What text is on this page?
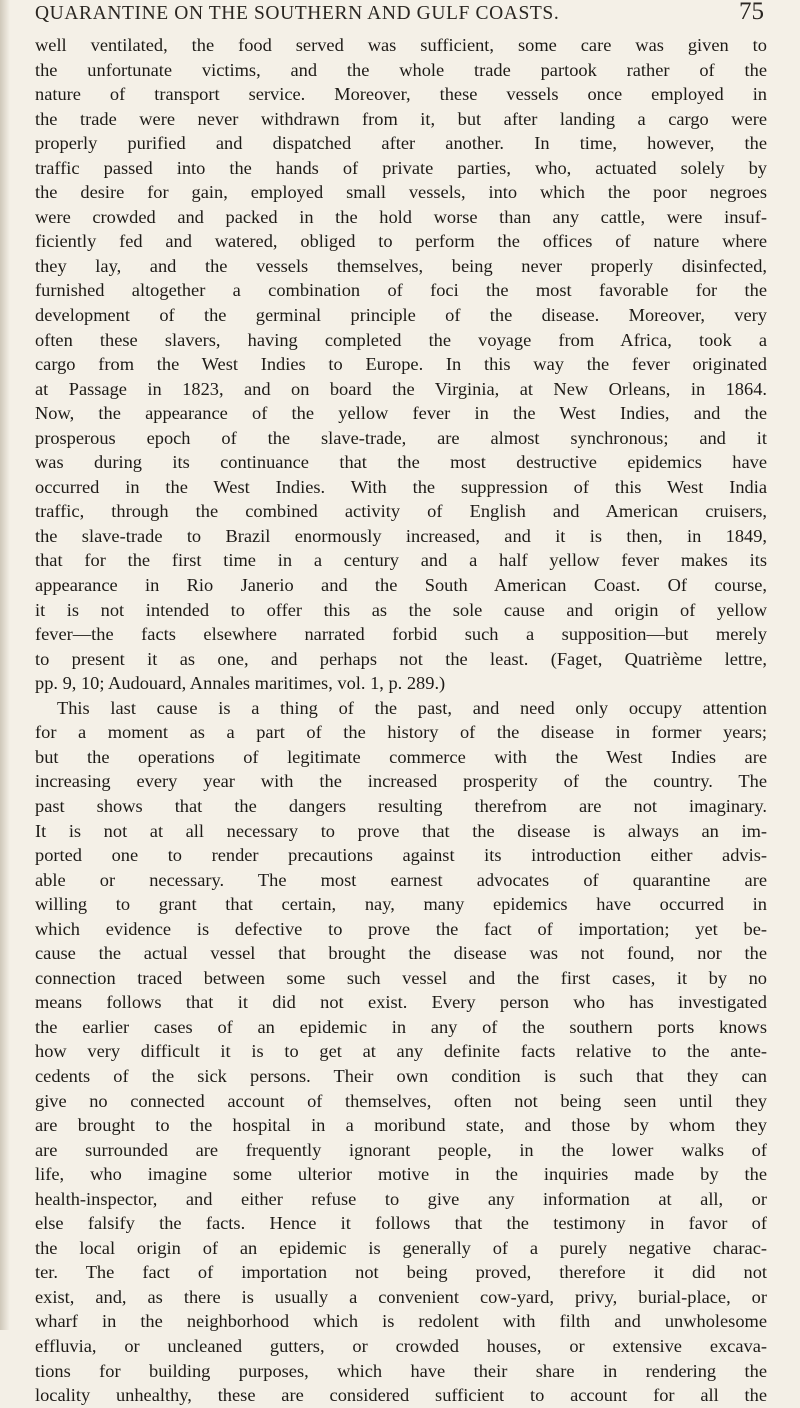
QUARANTINE ON THE SOUTHERN AND GULF COASTS.	75
well ventilated, the food served was sufficient, some care was given to
the unfortunate victims, and the whole trade partook rather of the
nature of transport service. Moreover, these vessels once employed in
the trade were never withdrawn from it, but after landing a cargo were
properly purified and dispatched after another. In time, however, the
traffic passed into the hands of private parties, who, actuated solely by
the desire for gain, employed small vessels, into which the poor negroes
were crowded and packed in the hold worse than any cattle, were insuf-
ficiently fed and watered, obliged to perform the offices of nature where
they lay, and the vessels themselves, being never properly disinfected,
furnished altogether a combination of foci the most favorable for the
development of the germinal principle of the disease. Moreover, very
often these slavers, having completed the voyage from Africa, took a
cargo from the West Indies to Europe. In this way the fever originated
at Passage in 1823, and on board the Virginia, at New Orleans, in 1864.
Now, the appearance of the yellow fever in the West Indies, and the
prosperous epoch of the slave-trade, are almost synchronous; and it
was during its continuance that the most destructive epidemics have
occurred in the West Indies. With the suppression of this West India
traffic, through the combined activity of English and American cruisers,
the slave-trade to Brazil enormously increased, and it is then, in 1849,
that for the first time in a century and a half yellow fever makes its
appearance in Rio Janerio and the South American Coast. Of course,
it is not intended to offer this as the sole cause and origin of yellow
fever—the facts elsewhere narrated forbid such a supposition—but merely
to present it as one, and perhaps not the least. (Faget, Quatrième lettre,
pp. 9, 10; Audouard, Annales maritimes, vol. 1, p. 289.)
This last cause is a thing of the past, and need only occupy attention
for a moment as a part of the history of the disease in former years;
but the operations of legitimate commerce with the West Indies are
increasing every year with the increased prosperity of the country. The
past shows that the dangers resulting therefrom are not imaginary.
It is not at all necessary to prove that the disease is always an im-
ported one to render precautions against its introduction either advis-
able or necessary. The most earnest advocates of quarantine are
willing to grant that certain, nay, many epidemics have occurred in
which evidence is defective to prove the fact of importation; yet be-
cause the actual vessel that brought the disease was not found, nor the
connection traced between some such vessel and the first cases, it by no
means follows that it did not exist. Every person who has investigated
the earlier cases of an epidemic in any of the southern ports knows
how very difficult it is to get at any definite facts relative to the ante-
cedents of the sick persons. Their own condition is such that they can
give no connected account of themselves, often not being seen until they
are brought to the hospital in a moribund state, and those by whom they
are surrounded are frequently ignorant people, in the lower walks of
life, who imagine some ulterior motive in the inquiries made by the
health-inspector, and either refuse to give any information at all, or
else falsify the facts. Hence it follows that the testimony in favor of
the local origin of an epidemic is generally of a purely negative charac-
ter. The fact of importation not being proved, therefore it did not
exist, and, as there is usually a convenient cow-yard, privy, burial-place, or
wharf in the neighborhood which is redolent with filth and unwholesome
effluvia, or uncleaned gutters, or crowded houses, or extensive excava-
tions for building purposes, which have their share in rendering the
locality unhealthy, these are considered sufficient to account for all the
